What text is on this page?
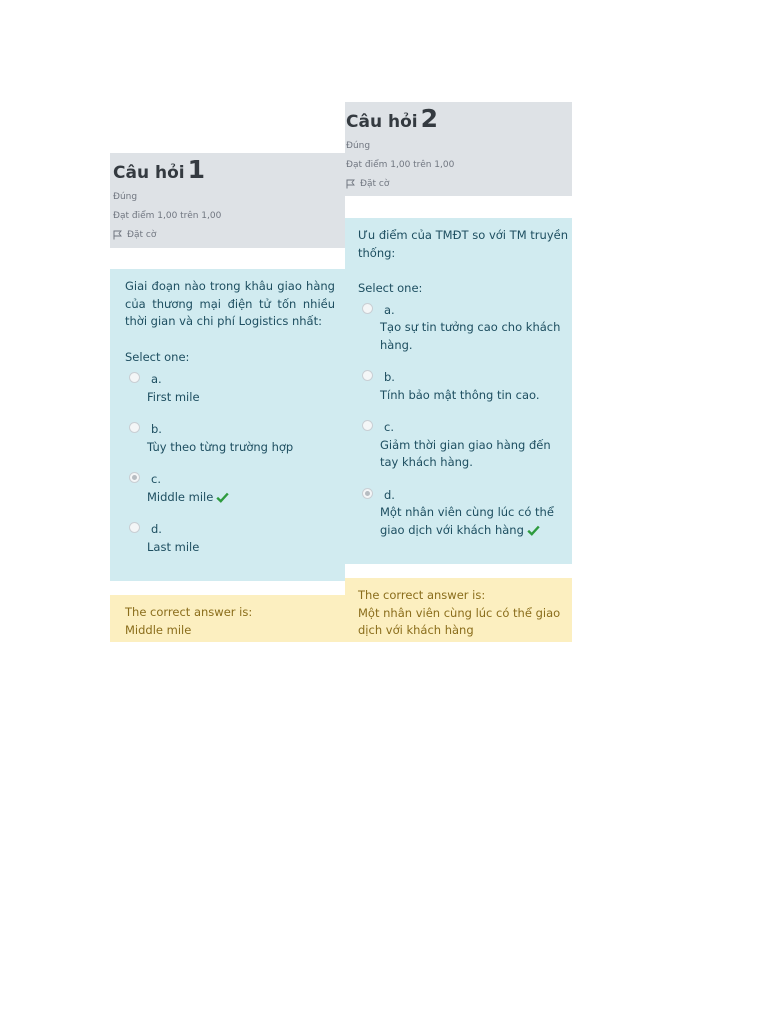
Câu hỏi 1
Đúng
Đạt điểm 1,00 trên 1,00
Đặt cờ
Giai đoạn nào trong khâu giao hàng của thương mại điện tử tốn nhiều thời gian và chi phí Logistics nhất:
Select one:
a.
First mile
b.
Tùy theo từng trường hợp
c.
Middle mile
d.
Last mile
The correct answer is:
Middle mile
Câu hỏi 2
Đúng
Đạt điểm 1,00 trên 1,00
Đặt cờ
Ưu điểm của TMĐT so với TM truyền thống:
Select one:
a.
Tạo sự tin tưởng cao cho khách hàng.
b.
Tính bảo mật thông tin cao.
c.
Giảm thời gian giao hàng đến tay khách hàng.
d.
Một nhân viên cùng lúc có thể giao dịch với khách hàng
The correct answer is:
Một nhân viên cùng lúc có thể giao dịch với khách hàng
